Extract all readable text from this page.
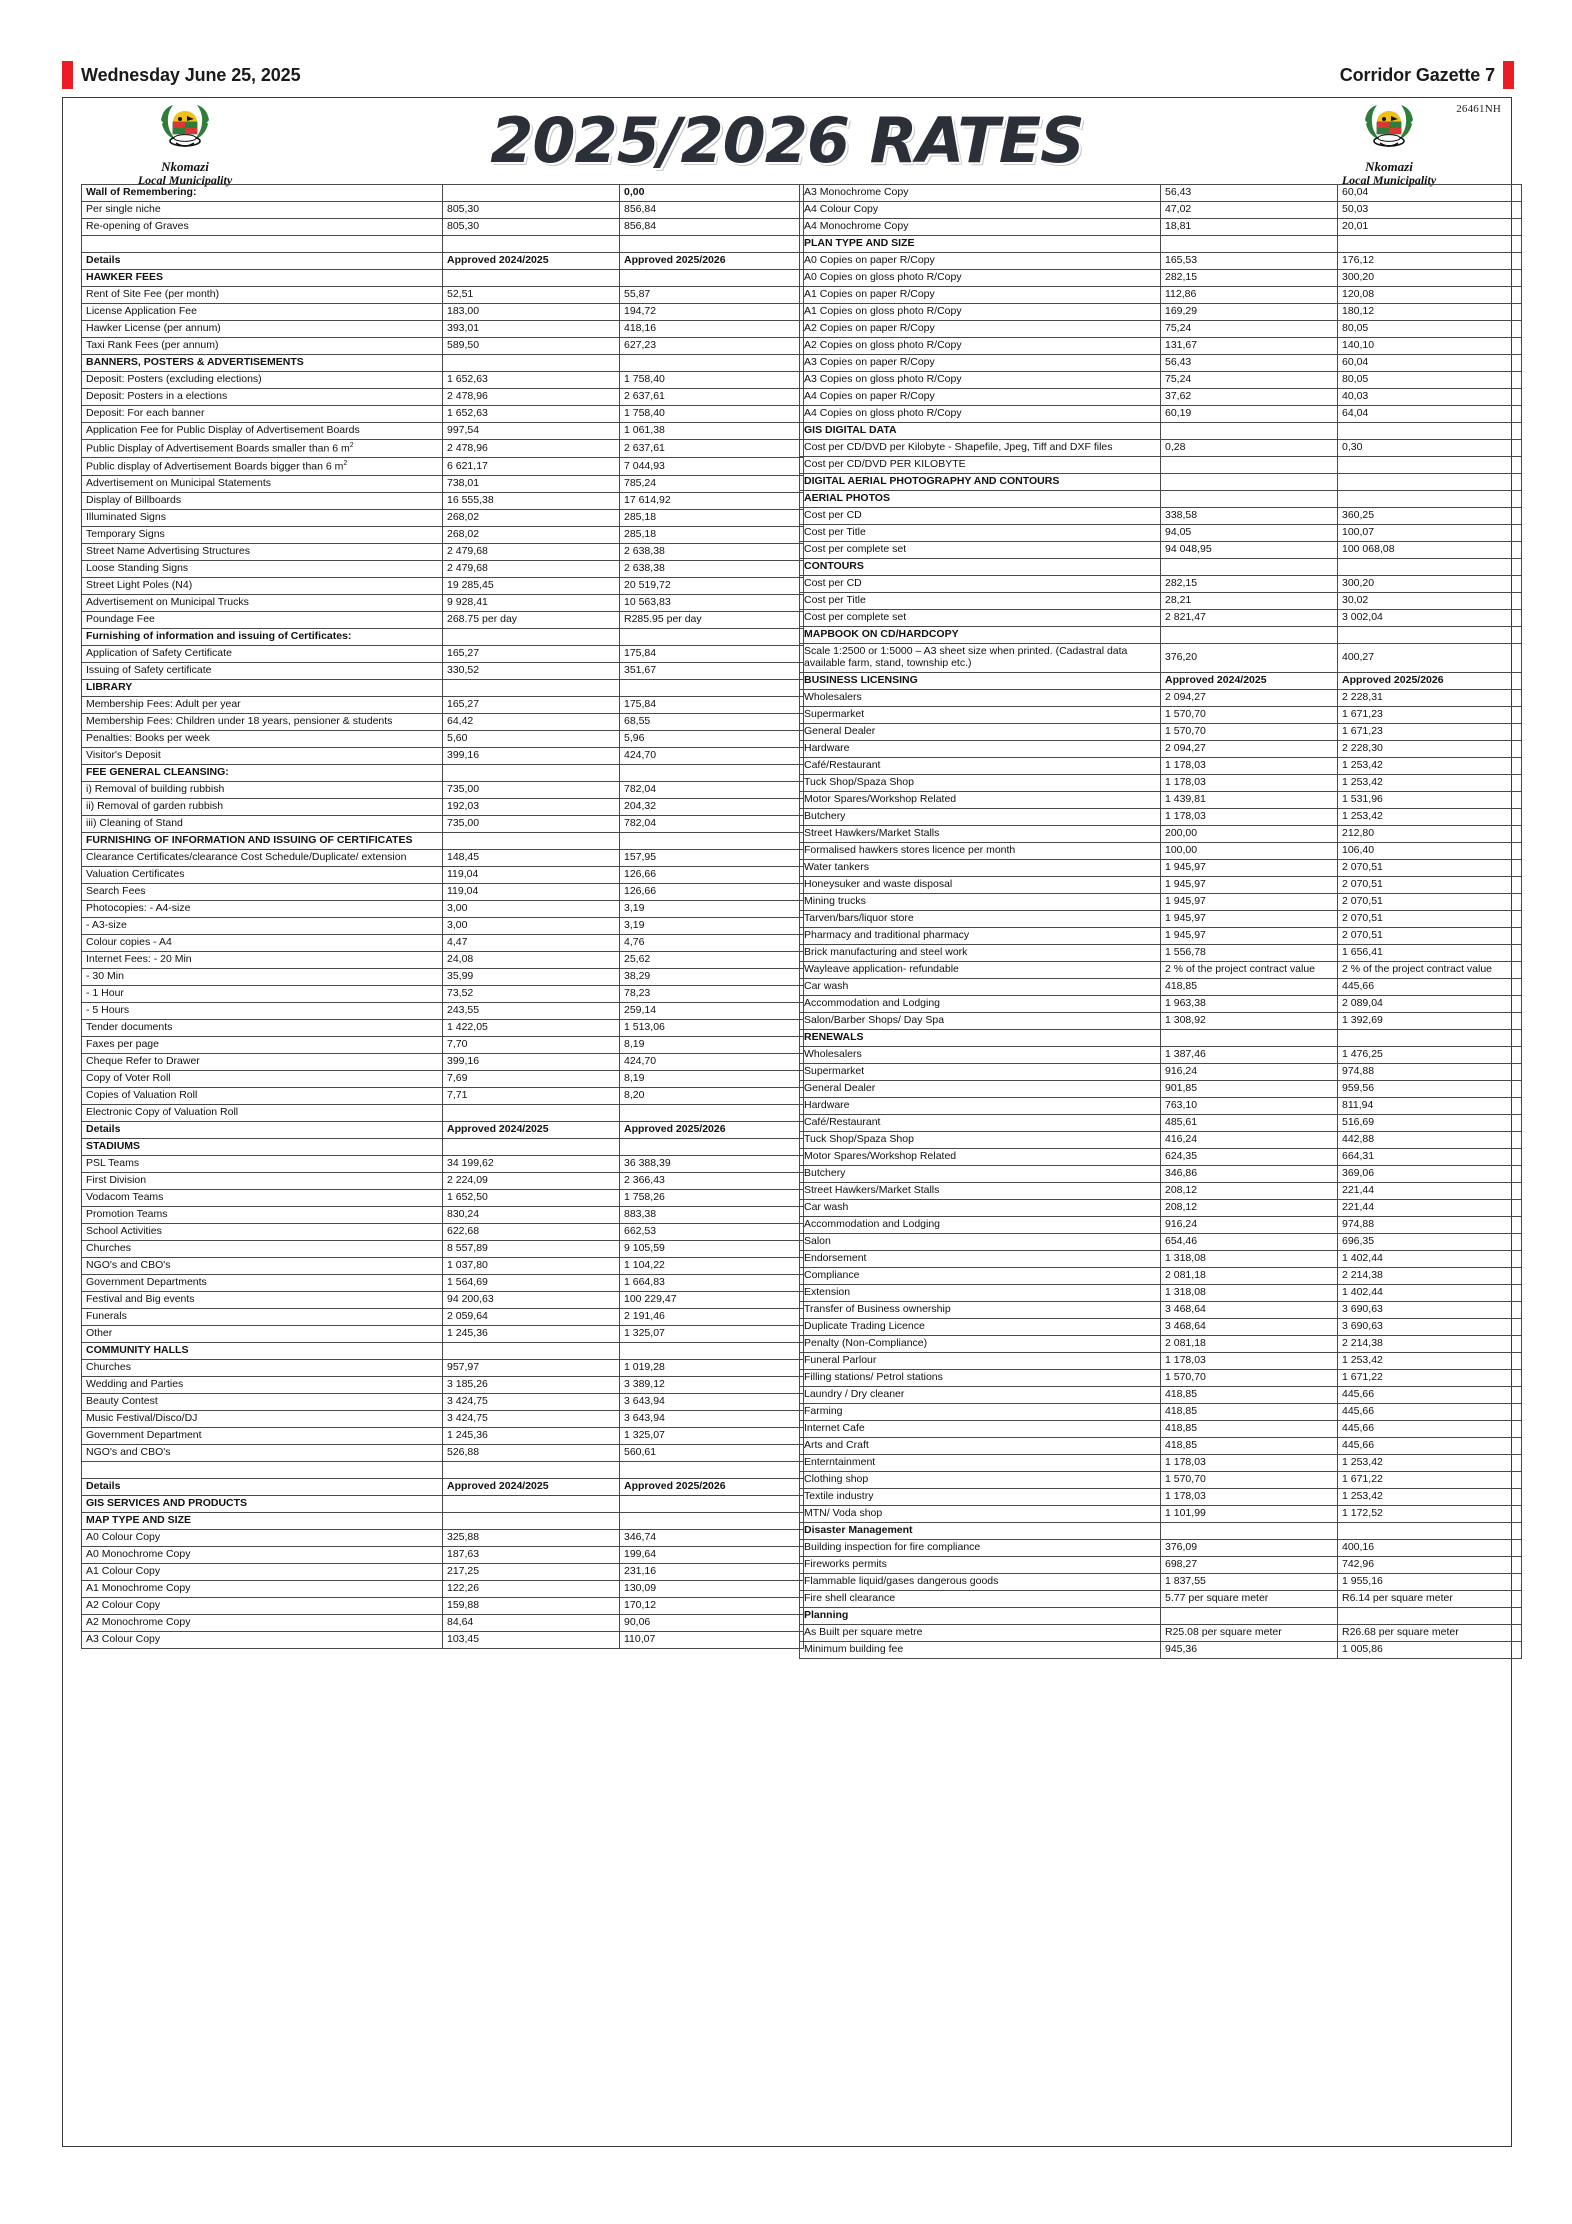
Wednesday June 25, 2025	Corridor Gazette 7
26461NH
Nkomazi
Local Municipality
2025/2026 RATES	Nkomazi
Local Municipality
Wall of Remembering:		0,00
Per single niche	805,30	856,84
Re-opening of Graves	805,30	856,84

Details	Approved 2024/2025	Approved 2025/2026
HAWKER FEES		
Rent of Site Fee (per month)	52,51	55,87
License Application Fee	183,00	194,72
Hawker License (per annum)	393,01	418,16
Taxi Rank Fees (per annum)	589,50	627,23
BANNERS, POSTERS & ADVERTISEMENTS		
Deposit: Posters (excluding elections)	1 652,63	1 758,40
Deposit: Posters in a elections	2 478,96	2 637,61
Deposit: For each banner	1 652,63	1 758,40
Application Fee for Public Display of Advertisement Boards	997,54	1 061,38
Public Display of Advertisement Boards smaller than 6 $m^2$	2 478,96	2 637,61
Public display of Advertisement Boards bigger than 6 $m^2$	6 621,17	7 044,93
Advertisement on Municipal Statements	738,01	785,24
Display of Billboards	16 555,38	17 614,92
Illuminated Signs	268,02	285,18
Temporary Signs	268,02	285,18
Street Name Advertising Structures	2 479,68	2 638,38
Loose Standing Signs	2 479,68	2 638,38
Street Light Poles (N4)	19 285,45	20 519,72
Advertisement on Municipal Trucks	9 928,41	10 563,83
Poundage Fee	268.75 per day	R285.95 per day
Furnishing of information and issuing of Certificates:		
Application of Safety Certificate	165,27	175,84
Issuing of Safety certificate	330,52	351,67
LIBRARY		
Membership Fees: Adult per year	165,27	175,84
Membership Fees: Children under 18 years, pensioner & students	64,42	68,55
Penalties: Books per week	5,60	5,96
Visitor's Deposit	399,16	424,70
FEE GENERAL CLEANSING:		
i) Removal of building rubbish	735,00	782,04
ii) Removal of garden rubbish	192,03	204,32
iii) Cleaning of Stand	735,00	782,04
FURNISHING OF INFORMATION AND ISSUING OF CERTIFICATES		
Clearance Certificates/clearance Cost Schedule/Duplicate/ extension	148,45	157,95
Valuation Certificates	119,04	126,66
Search Fees	119,04	126,66
Photocopies: - A4-size	3,00	3,19
- A3-size	3,00	3,19
Colour copies - A4	4,47	4,76
Internet Fees: - 20 Min	24,08	25,62
- 30 Min	35,99	38,29
- 1 Hour	73,52	78,23
- 5 Hours	243,55	259,14
Tender documents	1 422,05	1 513,06
Faxes per page	7,70	8,19
Cheque Refer to Drawer	399,16	424,70
Copy of Voter Roll	7,69	8,19
Copies of Valuation Roll	7,71	8,20
Electronic Copy of Valuation Roll		
Details	Approved 2024/2025	Approved 2025/2026
STADIUMS		
PSL Teams	34 199,62	36 388,39
First Division	2 224,09	2 366,43
Vodacom Teams	1 652,50	1 758,26
Promotion Teams	830,24	883,38
School Activities	622,68	662,53
Churches	8 557,89	9 105,59
NGO's and CBO's	1 037,80	1 104,22
Government Departments	1 564,69	1 664,83
Festival and Big events	94 200,63	100 229,47
Funerals	2 059,64	2 191,46
Other	1 245,36	1 325,07
COMMUNITY HALLS		
Churches	957,97	1 019,28
Wedding and Parties	3 185,26	3 389,12
Beauty Contest	3 424,75	3 643,94
Music Festival/Disco/DJ	3 424,75	3 643,94
Government Department	1 245,36	1 325,07
NGO's and CBO's	526,88	560,61

Details	Approved 2024/2025	Approved 2025/2026
GIS SERVICES AND PRODUCTS		
MAP TYPE AND SIZE		
A0 Colour Copy	325,88	346,74
A0 Monochrome Copy	187,63	199,64
A1 Colour Copy	217,25	231,16
A1 Monochrome Copy	122,26	130,09
A2 Colour Copy	159,88	170,12
A2 Monochrome Copy	84,64	90,06
A3 Colour Copy	103,45	110,07
A3 Monochrome Copy	56,43	60,04
A4 Colour Copy	47,02	50,03
A4 Monochrome Copy	18,81	20,01
PLAN TYPE AND SIZE		
A0 Copies on paper R/Copy	165,53	176,12
A0 Copies on gloss photo R/Copy	282,15	300,20
A1 Copies on paper R/Copy	112,86	120,08
A1 Copies on gloss photo R/Copy	169,29	180,12
A2 Copies on paper R/Copy	75,24	80,05
A2 Copies on gloss photo R/Copy	131,67	140,10
A3 Copies on paper R/Copy	56,43	60,04
A3 Copies on gloss photo R/Copy	75,24	80,05
A4 Copies on paper R/Copy	37,62	40,03
A4 Copies on gloss photo R/Copy	60,19	64,04
GIS DIGITAL DATA		
Cost per CD/DVD per Kilobyte - Shapefile, Jpeg, Tiff and DXF files	0,28	0,30
Cost per CD/DVD PER KILOBYTE		
DIGITAL AERIAL PHOTOGRAPHY AND CONTOURS		
AERIAL PHOTOS		
Cost per CD	338,58	360,25
Cost per Title	94,05	100,07
Cost per complete set	94 048,95	100 068,08
CONTOURS		
Cost per CD	282,15	300,20
Cost per Title	28,21	30,02
Cost per complete set	2 821,47	3 002,04
MAPBOOK ON CD/HARDCOPY		
Scale 1:2500 or 1:5000 – A3 sheet size when printed. (Cadastral data available farm, stand, township etc.)	376,20	400,27
BUSINESS LICENSING	Approved 2024/2025	Approved 2025/2026
Wholesalers	2 094,27	2 228,31
Supermarket	1 570,70	1 671,23
General Dealer	1 570,70	1 671,23
Hardware	2 094,27	2 228,30
Café/Restaurant	1 178,03	1 253,42
Tuck Shop/Spaza Shop	1 178,03	1 253,42
Motor Spares/Workshop Related	1 439,81	1 531,96
Butchery	1 178,03	1 253,42
Street Hawkers/Market Stalls	200,00	212,80
Formalised hawkers stores licence per month	100,00	106,40
Water tankers	1 945,97	2 070,51
Honeysuker and waste disposal	1 945,97	2 070,51
Mining trucks	1 945,97	2 070,51
Tarven/bars/liquor store	1 945,97	2 070,51
Pharmacy and traditional pharmacy	1 945,97	2 070,51
Brick manufacturing and steel work	1 556,78	1 656,41
Wayleave application- refundable	2 % of the project contract value	2 % of the project contract value
Car wash	418,85	445,66
Accommodation and Lodging	1 963,38	2 089,04
Salon/Barber Shops/ Day Spa	1 308,92	1 392,69
RENEWALS		
Wholesalers	1 387,46	1 476,25
Supermarket	916,24	974,88
General Dealer	901,85	959,56
Hardware	763,10	811,94
Café/Restaurant	485,61	516,69
Tuck Shop/Spaza Shop	416,24	442,88
Motor Spares/Workshop Related	624,35	664,31
Butchery	346,86	369,06
Street Hawkers/Market Stalls	208,12	221,44
Car wash	208,12	221,44
Accommodation and Lodging	916,24	974,88
Salon	654,46	696,35
Endorsement	1 318,08	1 402,44
Compliance	2 081,18	2 214,38
Extension	1 318,08	1 402,44
Transfer of Business ownership	3 468,64	3 690,63
Duplicate Trading Licence	3 468,64	3 690,63
Penalty (Non-Compliance)	2 081,18	2 214,38
Funeral Parlour	1 178,03	1 253,42
Filling stations/ Petrol stations	1 570,70	1 671,22
Laundry / Dry cleaner	418,85	445,66
Farming	418,85	445,66
Internet Cafe	418,85	445,66
Arts and Craft	418,85	445,66
Enterntainment	1 178,03	1 253,42
Clothing shop	1 570,70	1 671,22
Textile industry	1 178,03	1 253,42
MTN/ Voda shop	1 101,99	1 172,52
Disaster Management		
Building inspection for fire compliance	376,09	400,16
Fireworks permits	698,27	742,96
Flammable liquid/gases dangerous goods	1 837,55	1 955,16
Fire shell clearance	5.77 per square meter	R6.14 per square meter
Planning		
As Built per square metre	R25.08 per square meter	R26.68 per square meter
Minimum building fee	945,36	1 005,86
